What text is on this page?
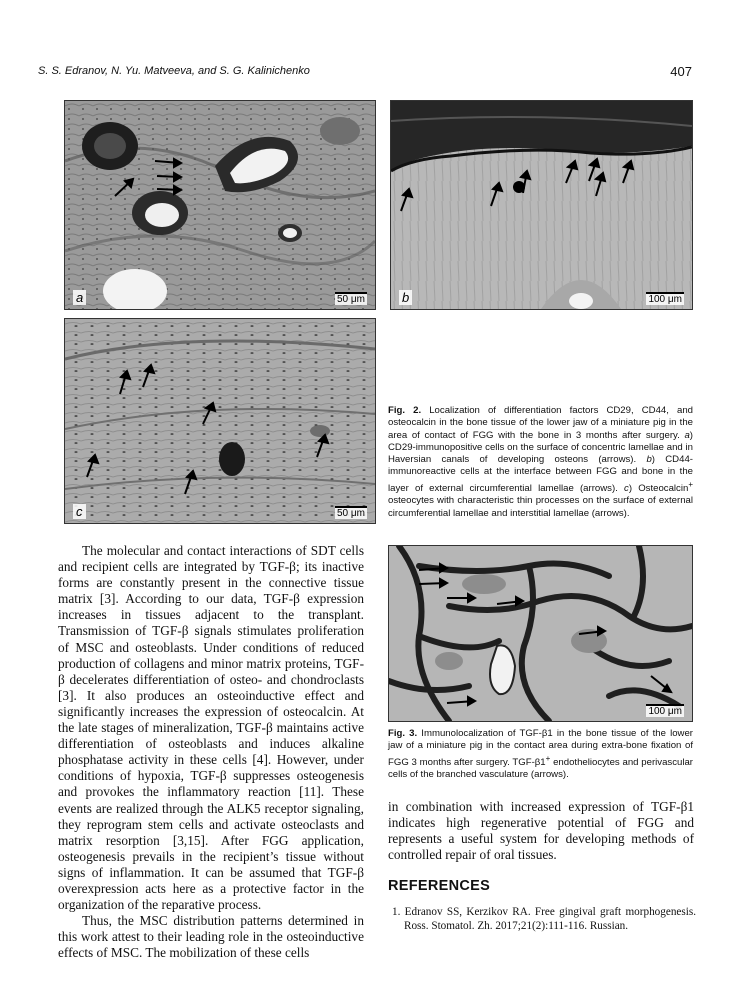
S. S. Edranov, N. Yu. Matveeva, and S. G. Kalinichenko	407
a	50 μm	b	100 μm
c	50 μm

Fig. 2. Localization of differentiation factors CD29, CD44, and osteocalcin in the bone tissue of the lower jaw of a miniature pig in the area of contact of FGG with the bone in 3 months after surgery. a) CD29-immunopositive cells on the surface of concentric lamellae and in Haversian canals of developing osteons (arrows). b) CD44-immunoreactive cells at the interface between FGG and bone in the layer of external circumferential lamellae (arrows). c) Osteocalcin+ osteocytes with characteristic thin processes on the surface of external circumferential lamellae and interstitial lamellae (arrows).

100 μm

Fig. 3. Immunolocalization of TGF-β1 in the bone tissue of the lower jaw of a miniature pig in the contact area during extra-bone fixation of FGG 3 months after surgery. TGF-β1+ endotheliocytes and perivascular cells of the branched vasculature (arrows).

The molecular and contact interactions of SDT cells and recipient cells are integrated by TGF-β; its inactive forms are constantly present in the connective tissue matrix [3]. According to our data, TGF-β expression increases in tissues adjacent to the transplant. Transmission of TGF-β signals stimulates proliferation of MSC and osteoblasts. Under conditions of reduced production of collagens and minor matrix proteins, TGF-β decelerates differentiation of osteo- and chondroclasts [3]. It also produces an osteoinductive effect and significantly increases the expression of osteocalcin. At the late stages of mineralization, TGF-β maintains active differentiation of osteoblasts and induces alkaline phosphatase activity in these cells [4]. However, under conditions of hypoxia, TGF-β suppresses osteogenesis and provokes the inflammatory reaction [11]. These events are realized through the ALK5 receptor signaling, they reprogram stem cells and activate osteoclasts and matrix resorption [3,15]. After FGG application, osteogenesis prevails in the recipient’s tissue without signs of inflammation. It can be assumed that TGF-β overexpression acts here as a protective factor in the organization of the reparative process.

Thus, the MSC distribution patterns determined in this work attest to their leading role in the osteoinductive effects of MSC. The mobilization of these cells

in combination with increased expression of TGF-β1 indicates high regenerative potential of FGG and represents a useful system for developing methods of controlled repair of oral tissues.

REFERENCES
1. Edranov SS, Kerzikov RA. Free gingival graft morphogenesis. Ross. Stomatol. Zh. 2017;21(2):111-116. Russian.
